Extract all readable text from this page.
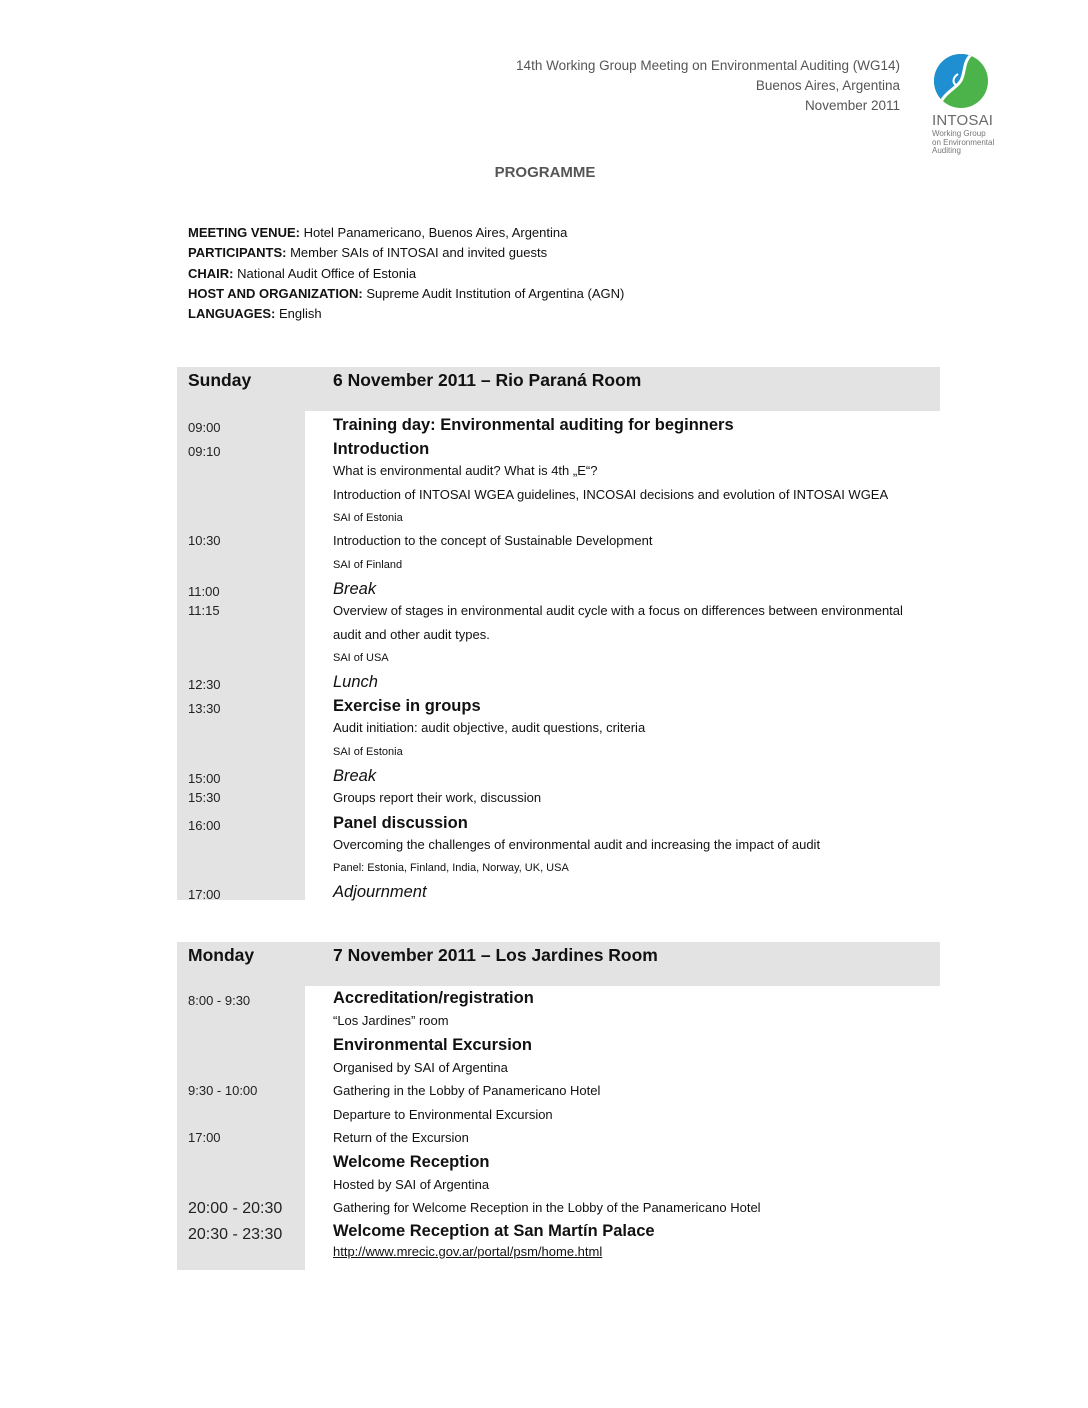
14th Working Group Meeting on Environmental Auditing (WG14)
Buenos Aires, Argentina
November 2011
INTOSAI
Working Group
on Environmental
Auditing
PROGRAMME
MEETING VENUE: Hotel Panamericano, Buenos Aires, Argentina
PARTICIPANTS: Member SAIs of INTOSAI and invited guests
CHAIR: National Audit Office of Estonia
HOST AND ORGANIZATION: Supreme Audit Institution of Argentina (AGN)
LANGUAGES: English
Sunday	6 November 2011 – Rio Paraná Room
09:00	Training day: Environmental auditing for beginners
09:10	Introduction
What is environmental audit? What is 4th „E“?
Introduction of INTOSAI WGEA guidelines, INCOSAI decisions and evolution of INTOSAI WGEA
SAI of Estonia
10:30	Introduction to the concept of Sustainable Development
SAI of Finland
11:00	Break
11:15	Overview of stages in environmental audit cycle with a focus on differences between environmental
audit and other audit types.
SAI of USA
12:30	Lunch
13:30	Exercise in groups
Audit initiation: audit objective, audit questions, criteria
SAI of Estonia
15:00	Break
15:30	Groups report their work, discussion
16:00	Panel discussion
Overcoming the challenges of environmental audit and increasing the impact of audit
Panel: Estonia, Finland, India, Norway, UK, USA
17:00	Adjournment
Monday	7 November 2011 – Los Jardines Room
8:00 - 9:30	Accreditation/registration
“Los Jardines” room
Environmental Excursion
Organised by SAI of Argentina
9:30 - 10:00	Gathering in the Lobby of Panamericano Hotel
Departure to Environmental Excursion
17:00	Return of the Excursion
Welcome Reception
Hosted by SAI of Argentina
20:00 - 20:30	Gathering for Welcome Reception in the Lobby of the Panamericano Hotel
20:30 - 23:30	Welcome Reception at San Martín Palace
http://www.mrecic.gov.ar/portal/psm/home.html
